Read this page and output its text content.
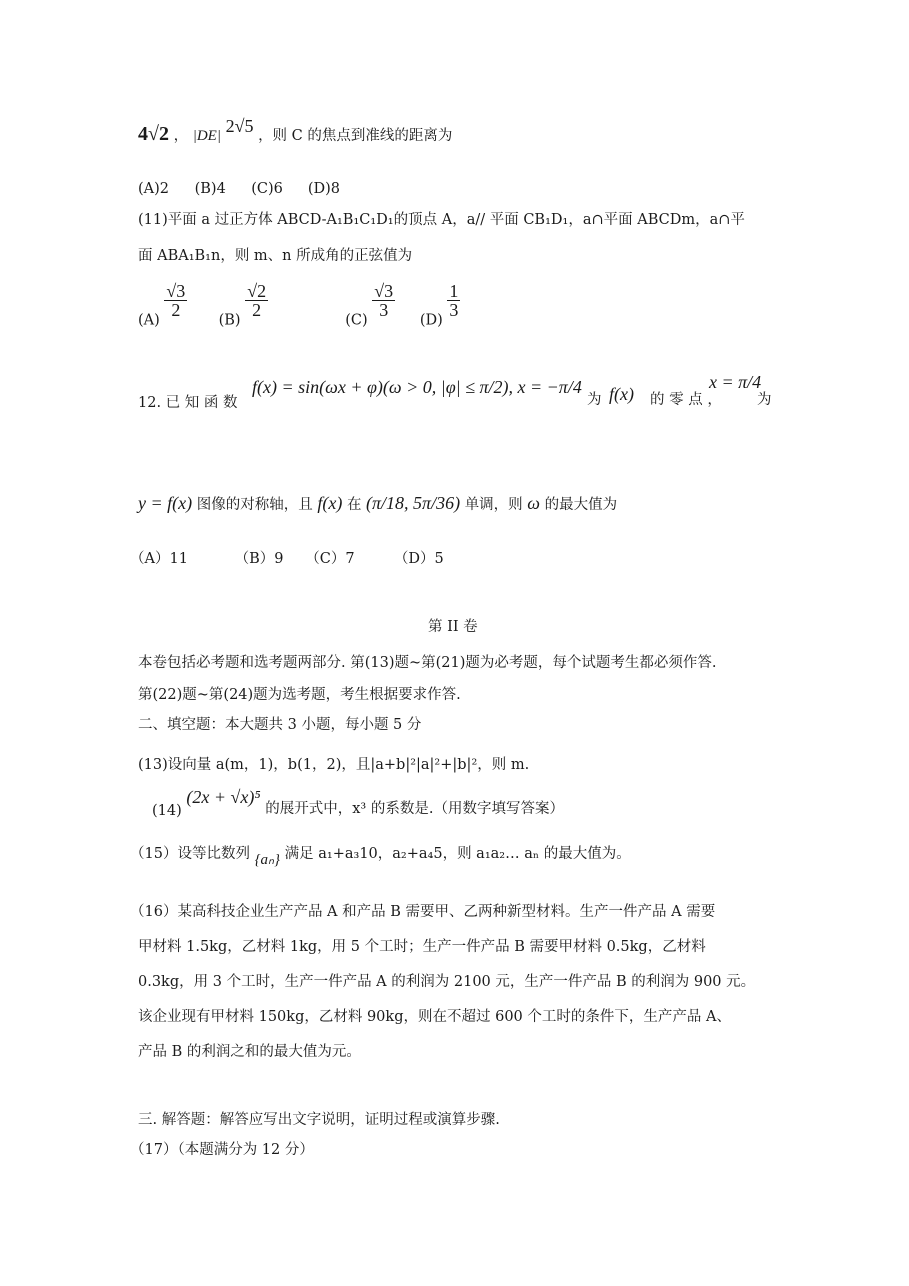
4√2 ， |DE| 2√5 ，则 C 的焦点到准线的距离为
(A)2 (B)4 (C)6 (D)8
(11)平面 a 过正方体 ABCD-A₁B₁C₁D₁的顶点 A，a// 平面 CB₁D₁，a∩平面 ABCDm，a∩平
面 ABA₁B₁n，则 m、n 所成角的正弦值为
(A)
$\frac{√3}{2}$
(B)
$\frac{√2}{2}$
(C)
$\frac{√3}{3}$
(D)
$\frac{1}{3}$
12. 已 知 函 数
f(x) = sin(ωx + φ)(ω > 0, |φ| ≤ π/2), x = −π/4
为 f(x) 的 零 点 ，
x = π/4
为
y = f(x) 图像的对称轴，且 f(x) 在 (π/18, 5π/36) 单调，则 ω 的最大值为
（A）11	（B）9 （C）7	（D）5
第 II 卷
本卷包括必考题和选考题两部分. 第(13)题~第(21)题为必考题，每个试题考生都必须作答.
第(22)题~第(24)题为选考题，考生根据要求作答.
二、填空题：本大题共 3 小题，每小题 5 分
(13)设向量 a(m，1)，b(1，2)，且|a+b|²|a|²+|b|²，则 m.
(14) (2x + √x)⁵ 的展开式中，x³ 的系数是.（用数字填写答案）
（15）设等比数列 {aₙ} 满足 a₁+a₃10，a₂+a₄5，则 a₁a₂… aₙ 的最大值为。
（16）某高科技企业生产产品 A 和产品 B 需要甲、乙两种新型材料。生产一件产品 A 需要
甲材料 1.5kg，乙材料 1kg，用 5 个工时；生产一件产品 B 需要甲材料 0.5kg，乙材料
0.3kg，用 3 个工时，生产一件产品 A 的利润为 2100 元，生产一件产品 B 的利润为 900 元。
该企业现有甲材料 150kg，乙材料 90kg，则在不超过 600 个工时的条件下，生产产品 A、
产品 B 的利润之和的最大值为元。
三. 解答题：解答应写出文字说明，证明过程或演算步骤.
（17）（本题满分为 12 分）
